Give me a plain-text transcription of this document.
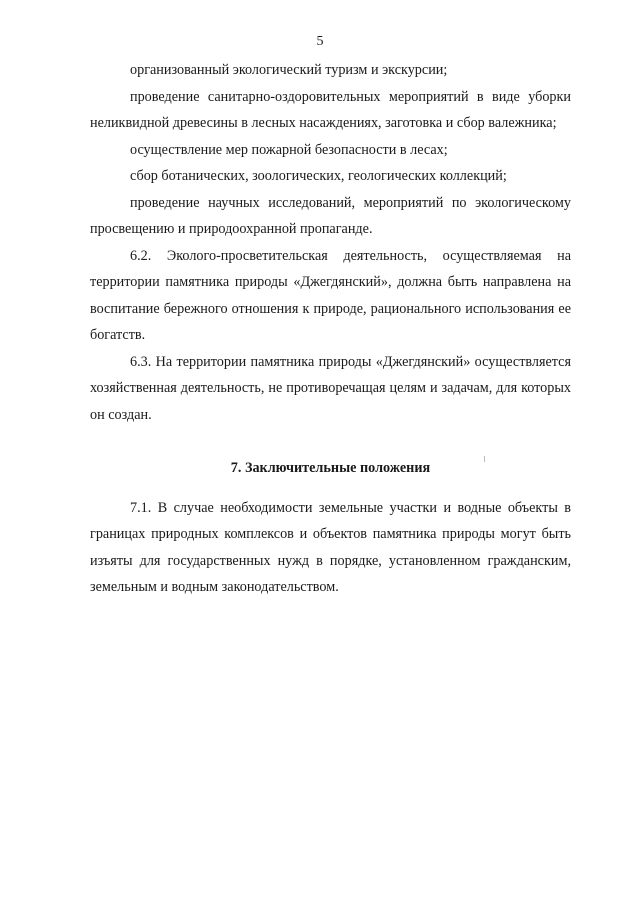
5

организованный экологический туризм и экскурсии;

проведение санитарно-оздоровительных мероприятий в виде уборки неликвидной древесины в лесных насаждениях, заготовка и сбор валежника;

осуществление мер пожарной безопасности в лесах;

сбор ботанических, зоологических, геологических коллекций;

проведение научных исследований, мероприятий по экологическому просвещению и природоохранной пропаганде.

6.2. Эколого-просветительская деятельность, осуществляемая на территории памятника природы «Джегдянский», должна быть направлена на воспитание бережного отношения к природе, рационального использования ее богатств.

6.3. На территории памятника природы «Джегдянский» осуществляется хозяйственная деятельность, не противоречащая целям и задачам, для которых он создан.

7. Заключительные положения

7.1. В случае необходимости земельные участки и водные объекты в границах природных комплексов и объектов памятника природы могут быть изъяты для государственных нужд в порядке, установленном гражданским, земельным и водным законодательством.
